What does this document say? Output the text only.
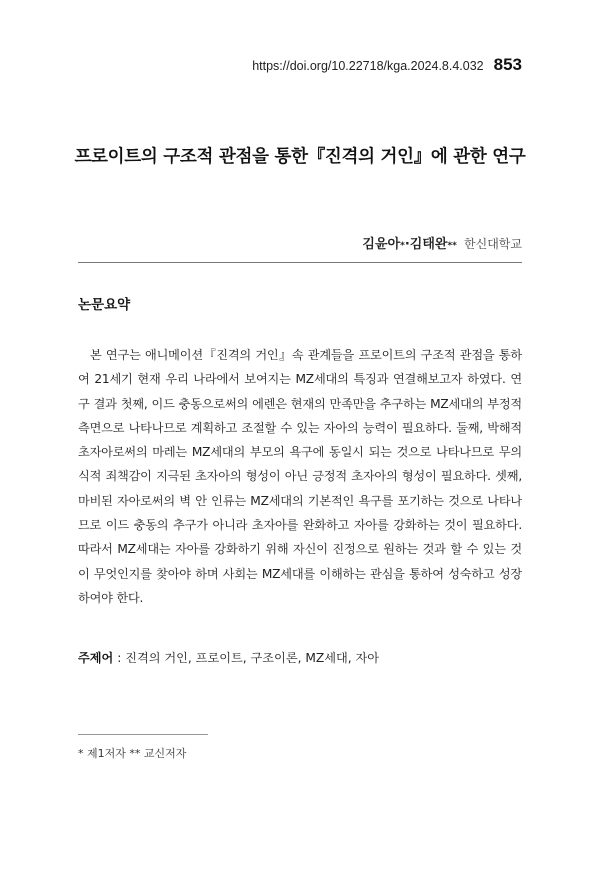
https://doi.org/10.22718/kga.2024.8.4.032 853
프로이트의 구조적 관점을 통한『진격의 거인』에 관한 연구
김윤아*·김태완** 한신대학교
논문요약

본 연구는 애니메이션『진격의 거인』속 관계들을 프로이트의 구조적 관점을 통하여 21세기 현재 우리 나라에서 보여지는 MZ세대의 특징과 연결해보고자 하였다. 연구 결과 첫째, 이드 충동으로써의 에렌은 현재의 만족만을 추구하는 MZ세대의 부정적 측면으로 나타나므로 계획하고 조절할 수 있는 자아의 능력이 필요하다. 둘째, 박해적 초자아로써의 마레는 MZ세대의 부모의 욕구에 동일시 되는 것으로 나타나므로 무의식적 죄책감이 지극된 초자아의 형성이 아닌 긍정적 초자아의 형성이 필요하다. 셋째, 마비된 자아로써의 벽 안 인류는 MZ세대의 기본적인 욕구를 포기하는 것으로 나타나므로 이드 충동의 추구가 아니라 초자아를 완화하고 자아를 강화하는 것이 필요하다. 따라서 MZ세대는 자아를 강화하기 위해 자신이 진정으로 원하는 것과 할 수 있는 것이 무엇인지를 찾아야 하며 사회는 MZ세대를 이해하는 관심을 통하여 성숙하고 성장하여야 한다.

주제어 : 진격의 거인, 프로이트, 구조이론, MZ세대, 자아
* 제1저자 ** 교신저자
